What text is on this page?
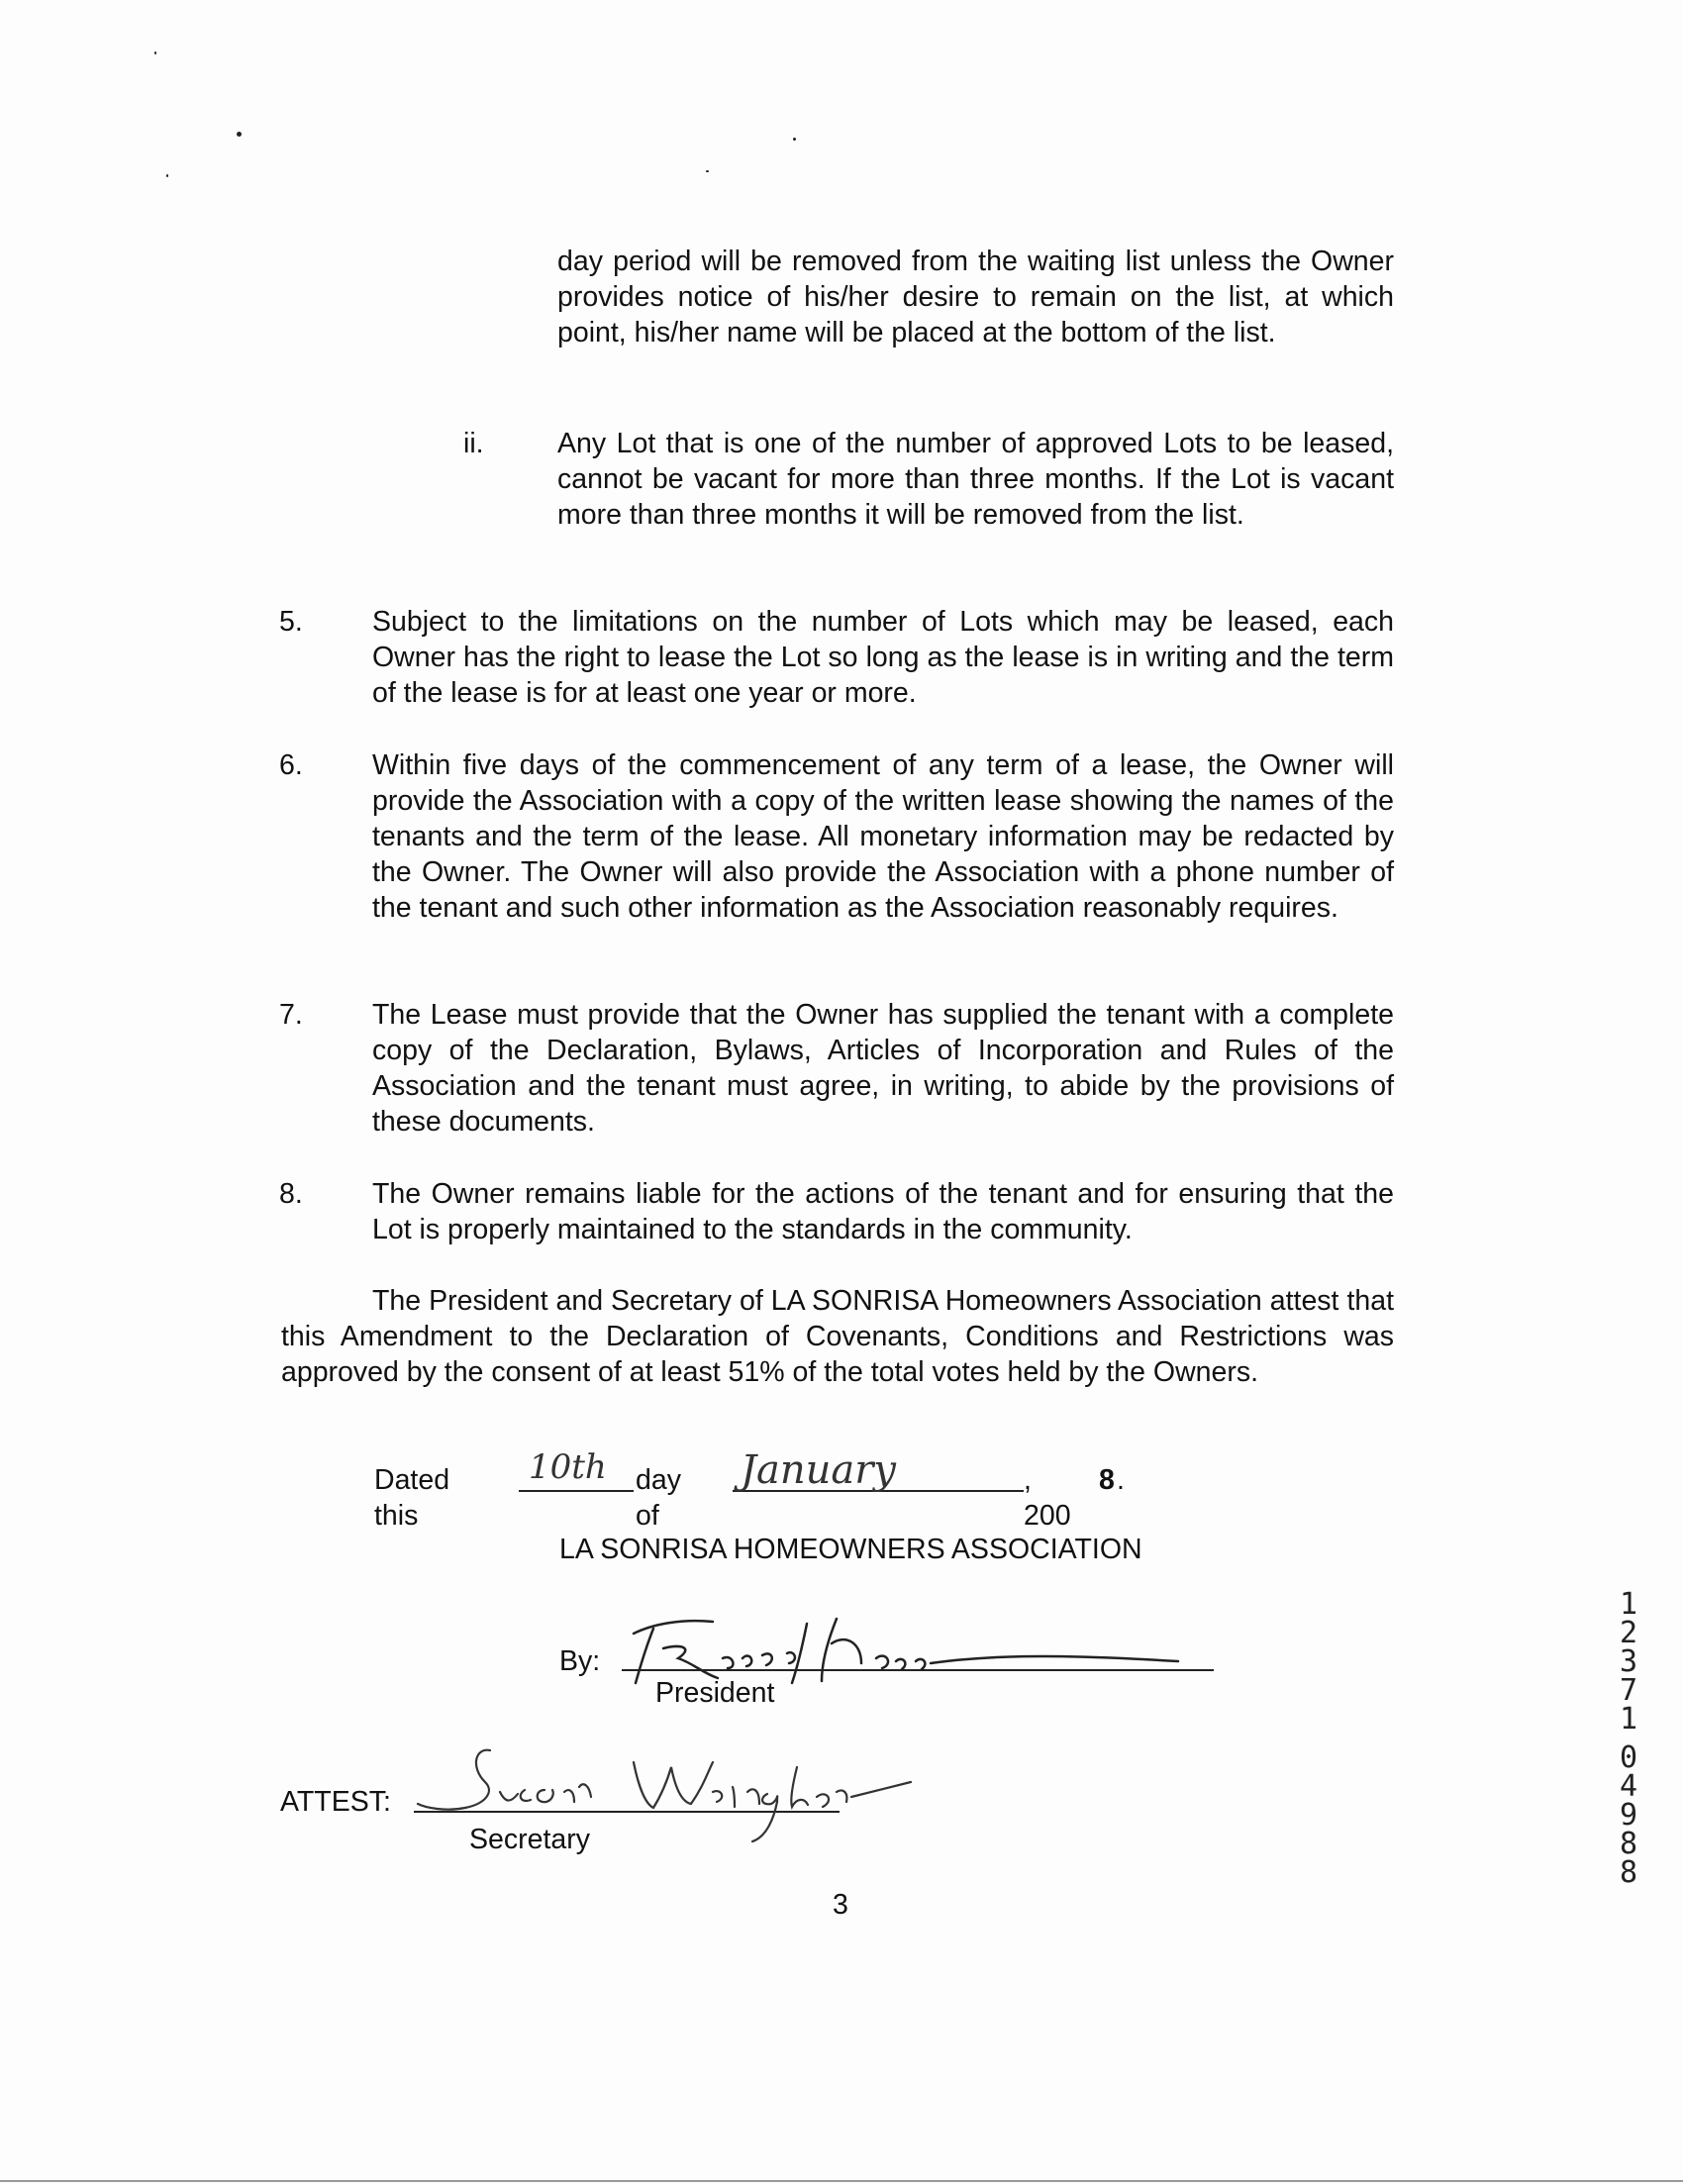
day period will be removed from the waiting list unless the Owner provides notice of his/her desire to remain on the list, at which point, his/her name will be placed at the bottom of the list.
ii.	Any Lot that is one of the number of approved Lots to be leased, cannot be vacant for more than three months. If the Lot is vacant more than three months it will be removed from the list.
5. Subject to the limitations on the number of Lots which may be leased, each Owner has the right to lease the Lot so long as the lease is in writing and the term of the lease is for at least one year or more.
6. Within five days of the commencement of any term of a lease, the Owner will provide the Association with a copy of the written lease showing the names of the tenants and the term of the lease. All monetary information may be redacted by the Owner. The Owner will also provide the Association with a phone number of the tenant and such other information as the Association reasonably requires.
7. The Lease must provide that the Owner has supplied the tenant with a complete copy of the Declaration, Bylaws, Articles of Incorporation and Rules of the Association and the tenant must agree, in writing, to abide by the provisions of these documents.
8. The Owner remains liable for the actions of the tenant and for ensuring that the Lot is properly maintained to the standards in the community.
The President and Secretary of LA SONRISA Homeowners Association attest that this Amendment to the Declaration of Covenants, Conditions and Restrictions was approved by the consent of at least 51% of the total votes held by the Owners.
Dated this
10th day of
January	, 200
8 .
LA SONRISA HOMEOWNERS ASSOCIATION
By:
President
ATTEST:
Secretary
3
12371
04988
